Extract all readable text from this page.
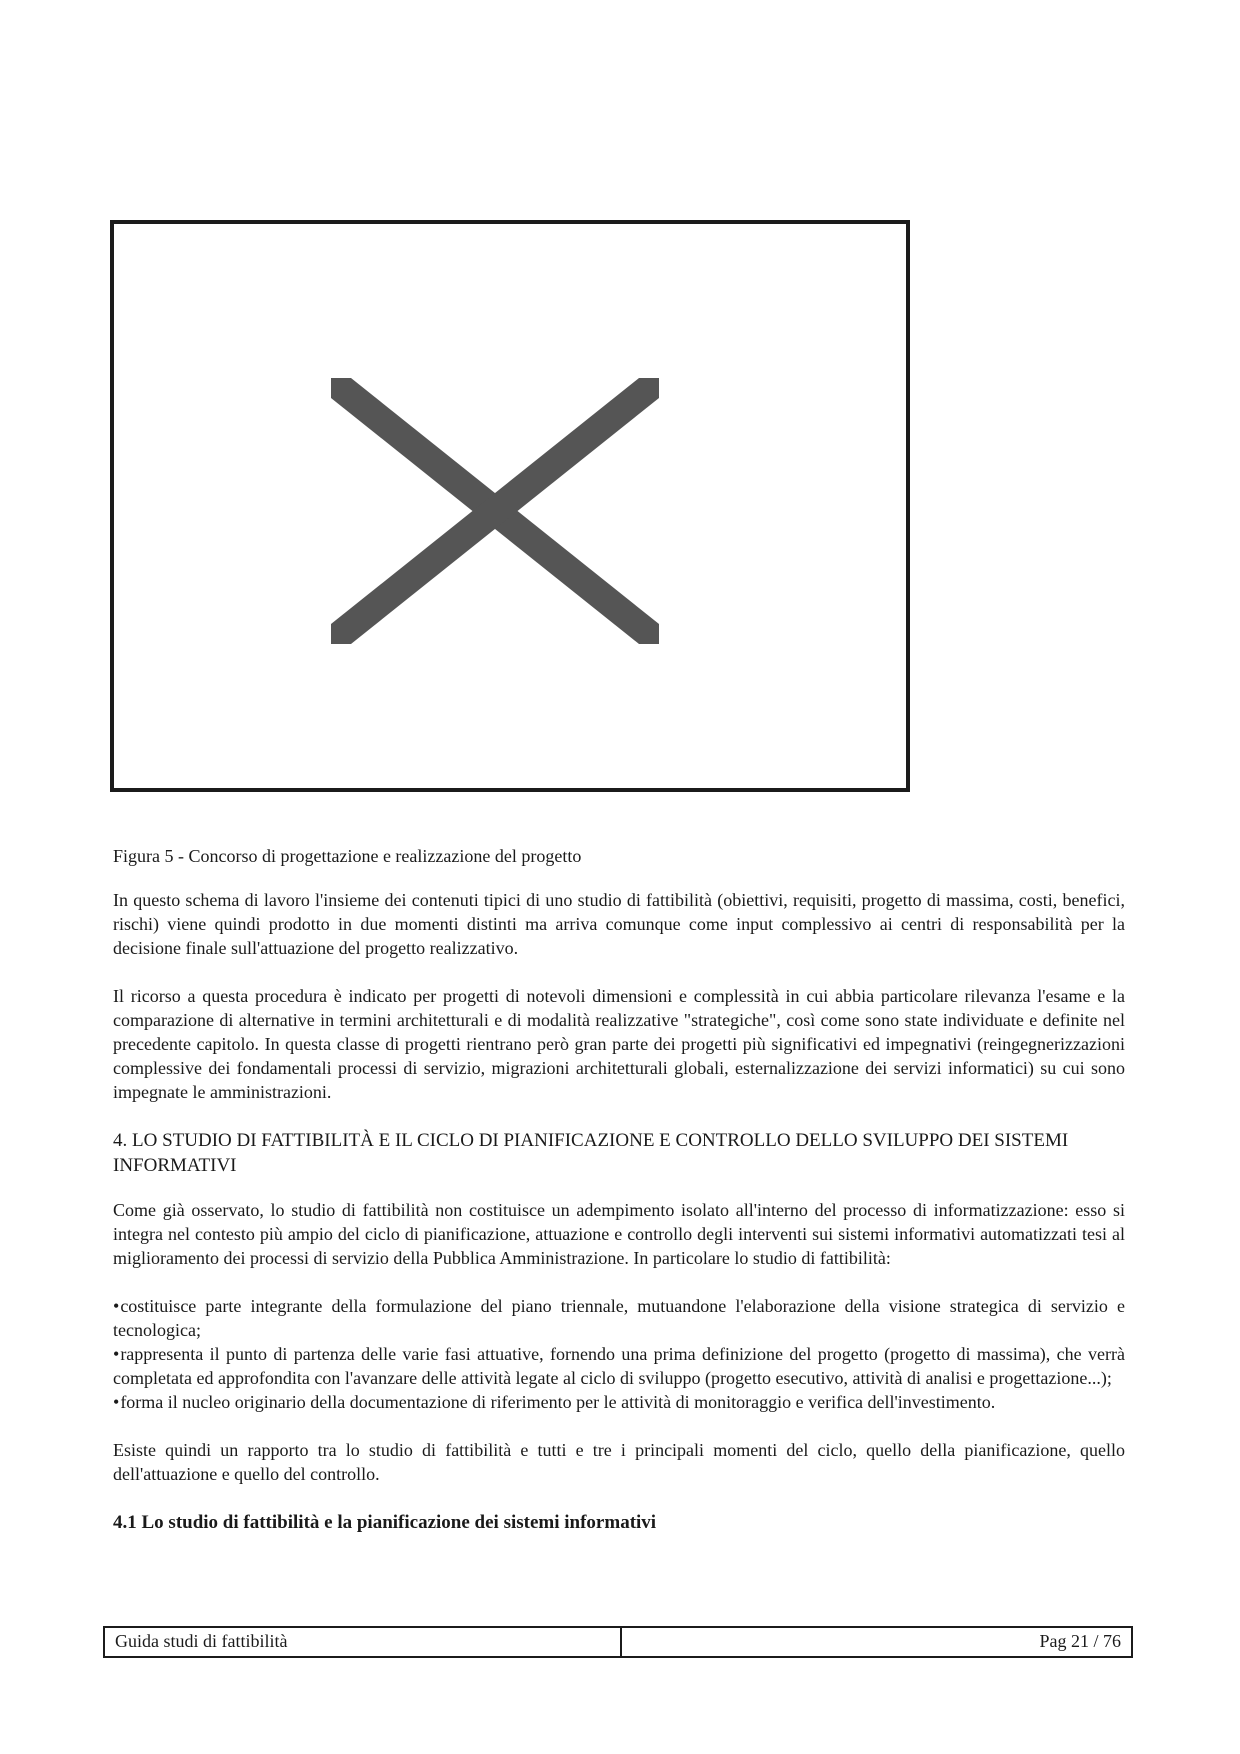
Figura 5 - Concorso di progettazione e realizzazione del progetto

In questo schema di lavoro l'insieme dei contenuti tipici di uno studio di fattibilità (obiettivi, requisiti, progetto di massima, costi, benefici, rischi) viene quindi prodotto in due momenti distinti ma arriva comunque come input complessivo ai centri di responsabilità per la decisione finale sull'attuazione del progetto realizzativo.

Il ricorso a questa procedura è indicato per progetti di notevoli dimensioni e complessità in cui abbia particolare rilevanza l'esame e la comparazione di alternative in termini architetturali e di modalità realizzative "strategiche", così come sono state individuate e definite nel precedente capitolo. In questa classe di progetti rientrano però gran parte dei progetti più significativi ed impegnativi (reingegnerizzazioni complessive dei fondamentali processi di servizio, migrazioni architetturali globali, esternalizzazione dei servizi informatici) su cui sono impegnate le amministrazioni.

4. LO STUDIO DI FATTIBILITÀ E IL CICLO DI PIANIFICAZIONE E CONTROLLO DELLO SVILUPPO DEI SISTEMI INFORMATIVI

Come già osservato, lo studio di fattibilità non costituisce un adempimento isolato all'interno del processo di informatizzazione: esso si integra nel contesto più ampio del ciclo di pianificazione, attuazione e controllo degli interventi sui sistemi informativi automatizzati tesi al miglioramento dei processi di servizio della Pubblica Amministrazione. In particolare lo studio di fattibilità:

•costituisce parte integrante della formulazione del piano triennale, mutuandone l'elaborazione della visione strategica di servizio e tecnologica;
•rappresenta il punto di partenza delle varie fasi attuative, fornendo una prima definizione del progetto (progetto di massima), che verrà completata ed approfondita con l'avanzare delle attività legate al ciclo di sviluppo (progetto esecutivo, attività di analisi e progettazione...);
•forma il nucleo originario della documentazione di riferimento per le attività di monitoraggio e verifica dell'investimento.

Esiste quindi un rapporto tra lo studio di fattibilità e tutti e tre i principali momenti del ciclo, quello della pianificazione, quello dell'attuazione e quello del controllo.

4.1 Lo studio di fattibilità e la pianificazione dei sistemi informativi
Guida studi di fattibilità	Pag 21 / 76
